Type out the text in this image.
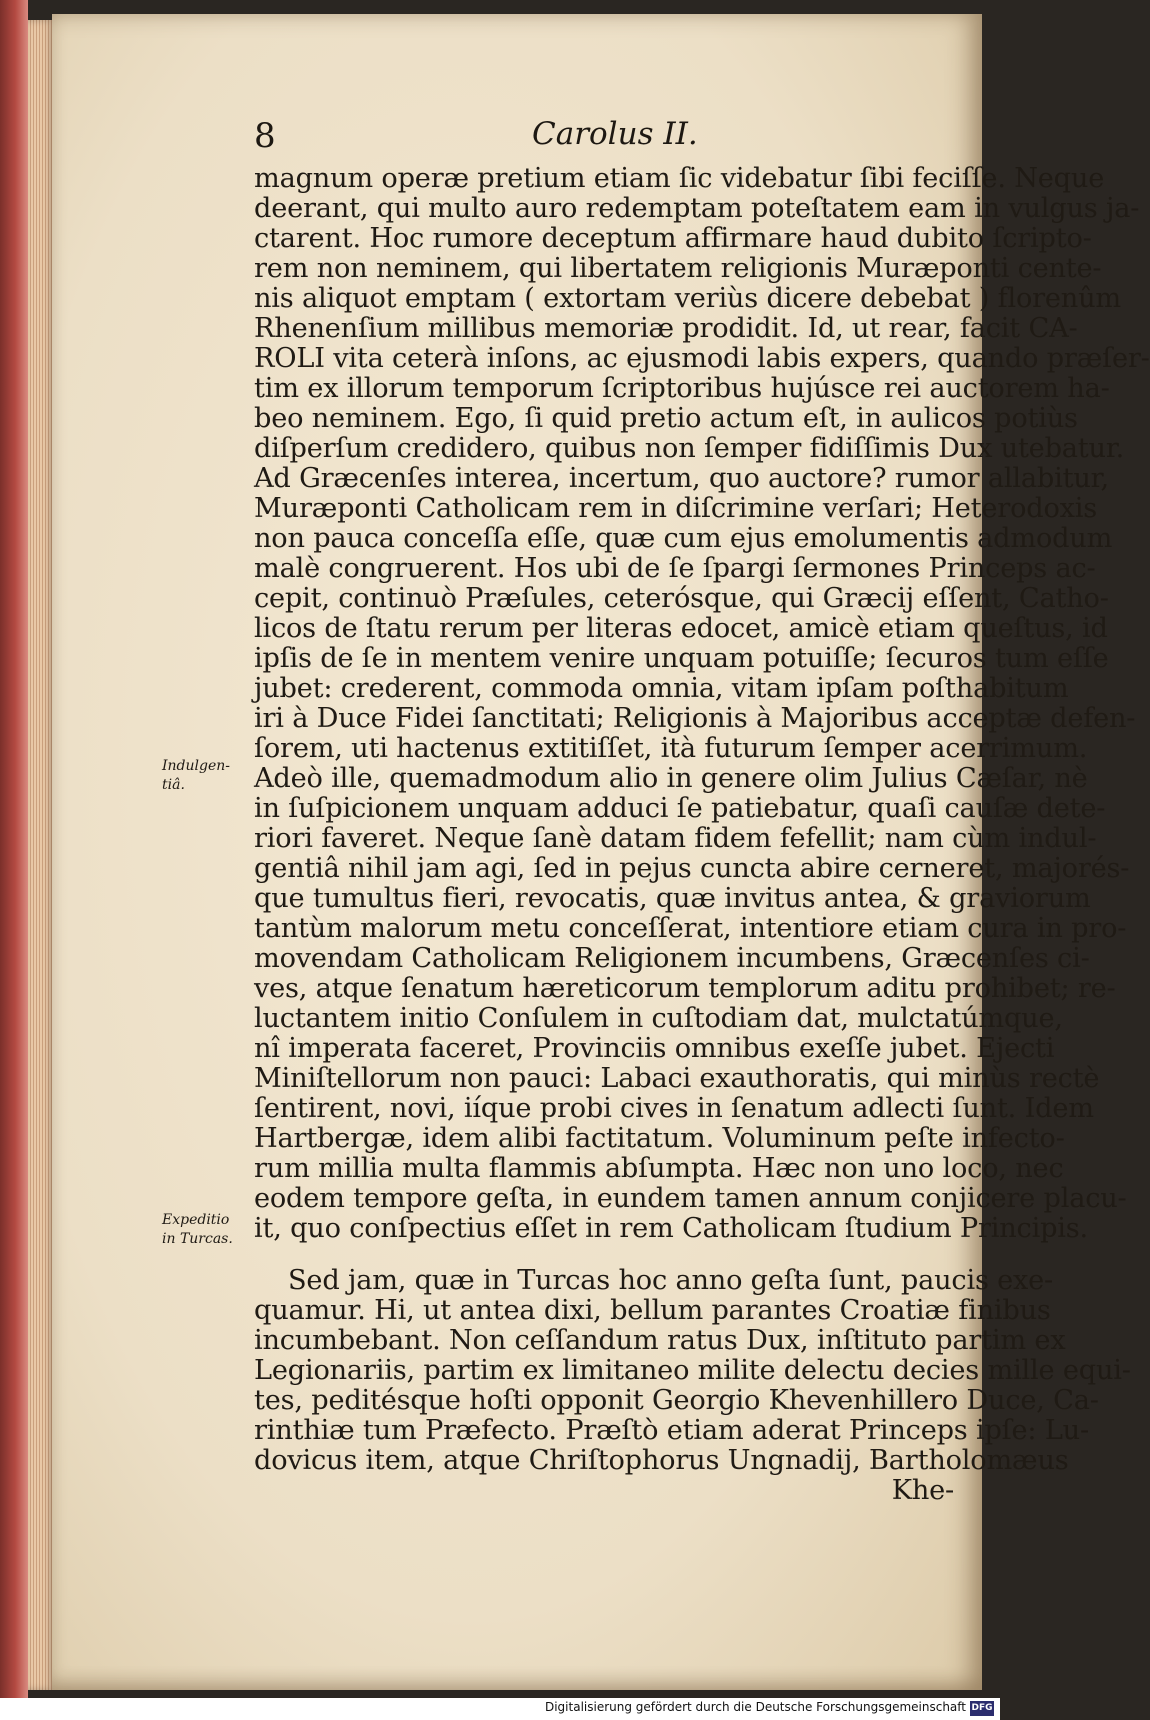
8	Carolus II.
Indulgen-
tiâ.
Expeditio
in Turcas.
magnum operæ pretium etiam ſic videbatur ſibi feciſſe. Neque
deerant, qui multo auro redemptam poteſtatem eam in vulgus ja-
ctarent. Hoc rumore deceptum affirmare haud dubito ſcripto-
rem non neminem, qui libertatem religionis Muræponti cente-
nis aliquot emptam ( extortam veriùs dicere debebat ) florenûm
Rhenenſium millibus memoriæ prodidit. Id, ut rear, facit CA-
ROLI vita ceterà inſons, ac ejusmodi labis expers, quando præſer-
tim ex illorum temporum ſcriptoribus hujúsce rei auctorem ha-
beo neminem. Ego, ſi quid pretio actum eſt, in aulicos potiùs
diſperſum credidero, quibus non ſemper fidiſſimis Dux utebatur.
Ad Græcenſes interea, incertum, quo auctore? rumor allabitur,
Muræponti Catholicam rem in diſcrimine verſari; Heterodoxis
non pauca conceſſa eſſe, quæ cum ejus emolumentis admodum
malè congruerent. Hos ubi de ſe ſpargi ſermones Princeps ac-
cepit, continuò Præſules, ceterósque, qui Græcij eſſent, Catho-
licos de ſtatu rerum per literas edocet, amicè etiam queſtus, id
ipſis de ſe in mentem venire unquam potuiſſe; ſecuros tum eſſe
jubet: crederent, commoda omnia, vitam ipſam poſthabitum
iri à Duce Fidei ſanctitati; Religionis à Majoribus acceptæ defen-
ſorem, uti hactenus extitiſſet, ità futurum ſemper acerrimum.
Adeò ille, quemadmodum alio in genere olim Julius Cæſar, nè
in ſuſpicionem unquam adduci ſe patiebatur, quaſi cauſæ dete-
riori faveret. Neque ſanè datam fidem fefellit; nam cùm indul-
gentiâ nihil jam agi, ſed in pejus cuncta abire cerneret, majorés-
que tumultus fieri, revocatis, quæ invitus antea, & graviorum
tantùm malorum metu conceſſerat, intentiore etiam cura in pro-
movendam Catholicam Religionem incumbens, Græcenſes ci-
ves, atque ſenatum hæreticorum templorum aditu prohibet; re-
luctantem initio Conſulem in cuſtodiam dat, mulctatúmque,
nî imperata faceret, Provinciis omnibus exeſſe jubet. Ejecti
Miniſtellorum non pauci: Labaci exauthoratis, qui minùs rectè
ſentirent, novi, iíque probi cives in ſenatum adlecti ſunt. Idem
Hartbergæ, idem alibi factitatum. Voluminum peſte infecto-
rum millia multa flammis abſumpta. Hæc non uno loco, nec
eodem tempore geſta, in eundem tamen annum conjicere placu-
it, quo conſpectius eſſet in rem Catholicam ſtudium Principis.
Sed jam, quæ in Turcas hoc anno geſta ſunt, paucis exe-
quamur. Hi, ut antea dixi, bellum parantes Croatiæ finibus
incumbebant. Non ceſſandum ratus Dux, inſtituto partim ex
Legionariis, partim ex limitaneo milite delectu decies mille equi-
tes, peditésque hoſti opponit Georgio Khevenhillero Duce, Ca-
rinthiæ tum Præfecto. Præſtò etiam aderat Princeps ipſe: Lu-
dovicus item, atque Chriſtophorus Ungnadij, Bartholomæus
Khe-
Digitalisierung gefördert durch die Deutsche Forschungsgemeinschaft DFG
